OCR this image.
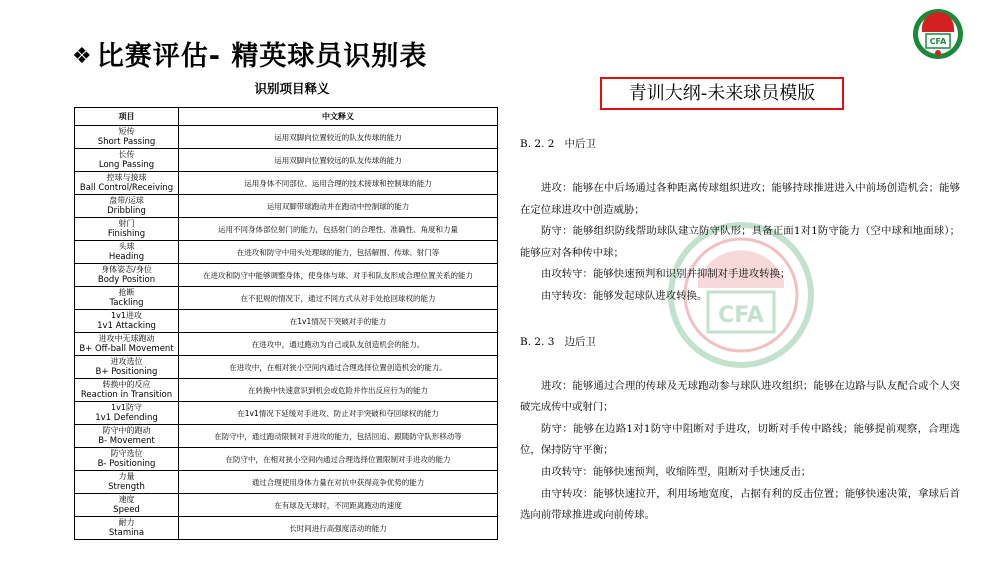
❖ 比赛评估- 精英球员识别表	CFA
识别项目释义
项目	中文释义

短传
Short Passing	运用双脚向位置较近的队友传球的能力

长传
Long Passing	运用双脚向位置较远的队友传球的能力

控球与接球
Ball Control/Receiving	运用身体不同部位、运用合理的技术接球和控制球的能力

盘带/运球
Dribbling	运用双脚带球跑动并在跑动中控制球的能力

射门
Finishing	运用不同身体部位射门的能力，包括射门的合理性、准确性、角度和力量

头球
Heading	在进攻和防守中用头处理球的能力，包括解围、传球、射门等

身体姿态/身位
Body Position	在进攻和防守中能够调整身体，使身体与球、对手和队友形成合理位置关系的能力

抢断
Tackling	在不犯规的情况下，通过不同方式从对手处抢回球权的能力

1v1进攻
1v1 Attacking	在1v1情况下突破对手的能力

进攻中无球跑动
B+ Off-ball Movement	在进攻中，通过跑动为自己或队友创造机会的能力。

进攻选位
B+ Positioning	在进攻中，在相对狭小空间内通过合理选择位置创造机会的能力。

转换中的反应
Reaction in Transition	在转换中快速意识到机会或危险并作出反应行为的能力

1v1防守
1v1 Defending	在1v1情况下延缓对手进攻、防止对手突破和夺回球权的能力

防守中的跑动
B- Movement	在防守中，通过跑动限制对手进攻的能力，包括回追、跟随防守队形移动等

防守选位
B- Positioning	在防守中，在相对狭小空间内通过合理选择位置限制对手进攻的能力

力量
Strength	通过合理使用身体力量在对抗中获得竞争优势的能力

速度
Speed	在有球及无球时，不同距离跑动的速度

耐力
Stamina	长时间进行高强度活动的能力
青训大纲-未来球员模版
CFA
B. 2. 2 中后卫

进攻：能够在中后场通过各种距离传球组织进攻；能够持球推进进入中前场创造机会；能够在定位球进攻中创造威胁；

防守：能够组织防线帮助球队建立防守队形；具备正面1对1防守能力（空中球和地面球）；能够应对各种传中球；

由攻转守：能够快速预判和识别并抑制对手进攻转换；

由守转攻：能够发起球队进攻转换。

B. 2. 3 边后卫

进攻：能够通过合理的传球及无球跑动参与球队进攻组织；能够在边路与队友配合或个人突破完成传中或射门；

防守：能够在边路1对1防守中阻断对手进攻，切断对手传中路线；能够提前观察，合理选位，保持防守平衡；

由攻转守：能够快速预判，收缩阵型，阻断对手快速反击；

由守转攻：能够快速拉开，利用场地宽度，占据有利的反击位置；能够快速决策，拿球后首选向前带球推进或向前传球。
